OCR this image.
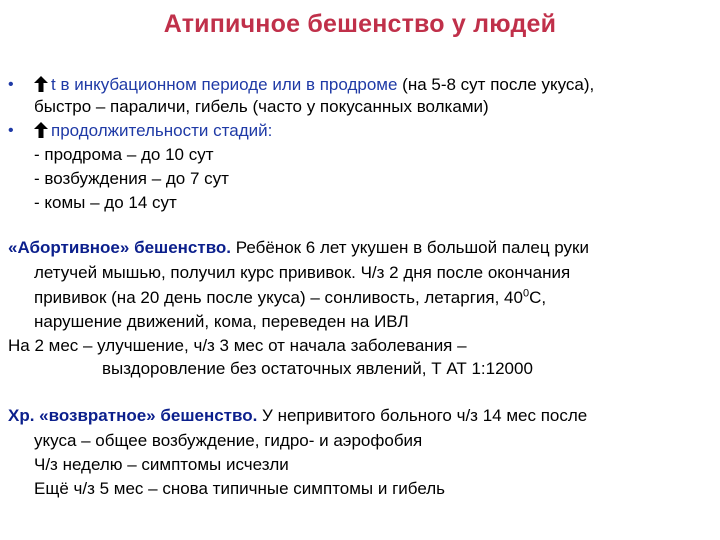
Атипичное бешенство у людей
•	t в инкубационном периоде или в продроме (на 5-8 сут после укуса),
быстро – параличи, гибель (часто у покусанных волками)
•	продолжительности стадий:
- продрома – до 10 сут
- возбуждения – до 7 сут
- комы – до 14 сут
«Абортивное» бешенство. Ребёнок 6 лет укушен в большой палец руки
летучей мышью, получил курс прививок. Ч/з 2 дня после окончания
прививок (на 20 день после укуса) – сонливость, летаргия, $40^0С$,
нарушение движений, кома, переведен на ИВЛ
На 2 мес – улучшение, ч/з 3 мес от начала заболевания –
выздоровление без остаточных явлений, Т АТ 1:12000
Хр. «возвратное» бешенство. У непривитого больного ч/з 14 мес после
укуса – общее возбуждение, гидро- и аэрофобия
Ч/з неделю – симптомы исчезли
Ещё ч/з 5 мес – снова типичные симптомы и гибель
